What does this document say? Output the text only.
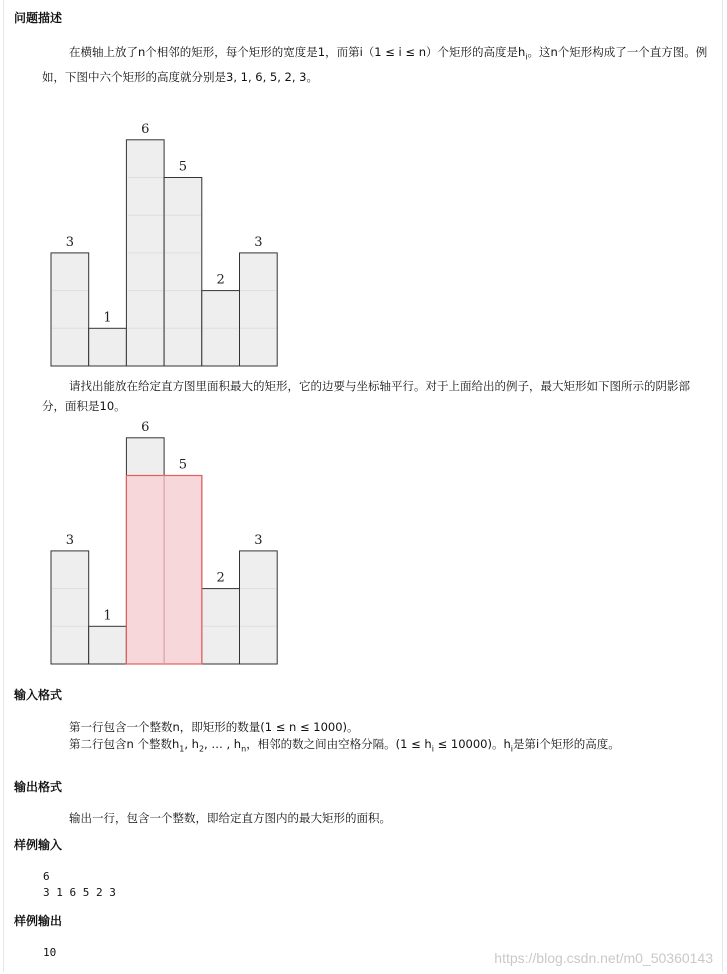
问题描述
在横轴上放了n个相邻的矩形，每个矩形的宽度是1，而第i（1 ≤ i ≤ n）个矩形的高度是$h_i$。这n个矩形构成了一个直方图。例如，下图中六个矩形的高度就分别是3, 1, 6, 5, 2, 3。
3
1
6
5
2
3
请找出能放在给定直方图里面积最大的矩形，它的边要与坐标轴平行。对于上面给出的例子，最大矩形如下图所示的阴影部分，面积是10。
3
1
6
5
2
3
输入格式
第一行包含一个整数n，即矩形的数量(1 ≤ n ≤ 1000)。
第二行包含n 个整数$h_1$, $h_2$, … , $h_n$，相邻的数之间由空格分隔。$(1 \le h_i \le 10000)$。$h_i$是第i个矩形的高度。
输出格式
输出一行，包含一个整数，即给定直方图内的最大矩形的面积。
样例输入
6
3 1 6 5 2 3
样例输出
10	https://blog.csdn.net/m0_50360143
